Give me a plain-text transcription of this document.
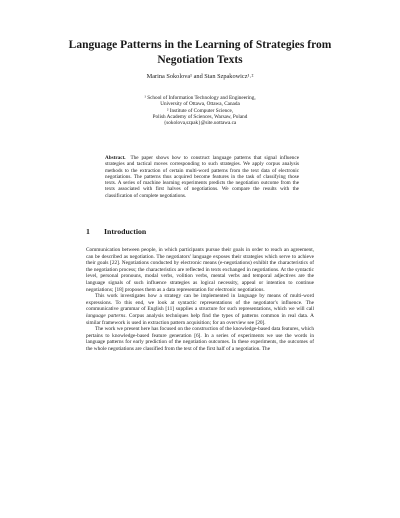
Language Patterns in the Learning of Strategies from Negotiation Texts
Marina Sokolova¹ and Stan Szpakowicz¹˒²
¹ School of Information Technology and Engineering,
University of Ottawa, Ottawa, Canada
² Institute of Computer Science,
Polish Academy of Sciences, Warsaw, Poland
{sokolova,szpak}@site.uottawa.ca
Abstract. The paper shows how to construct language patterns that signal influence strategies and tactical moves corresponding to such strategies. We apply corpus analysis methods to the extraction of certain multi-word patterns from the text data of electronic negotiations. The patterns thus acquired become features in the task of classifying those texts. A series of machine learning experiments predicts the negotiation outcome from the texts associated with first halves of negotiations. We compare the results with the classification of complete negotiations.
1 Introduction

Communication between people, in which participants pursue their goals in order to reach an agreement, can be described as negotiation. The negotiators' language exposes their strategies which serve to achieve their goals [22]. Negotiations conducted by electronic means (e-negotiations) exhibit the characteristics of the negotiation process; the characteristics are reflected in texts exchanged in negotiations. At the syntactic level, personal pronouns, modal verbs, volition verbs, mental verbs and temporal adjectives are the language signals of such influence strategies as logical necessity, appeal or intention to continue negotiations; [18] proposes them as a data representation for electronic negotiations.

This work investigates how a strategy can be implemented in language by means of multi-word expressions. To this end, we look at syntactic representations of the negotiator's influence. The communicative grammar of English [11] supplies a structure for such representations, which we will call language patterns. Corpus analysis techniques help find the types of patterns common in real data. A similar framework is used in extraction pattern acquisition; for an overview see [20].

The work we present here has focused on the construction of the knowledge-based data features, which pertains to knowledge-based feature generation [6]. In a series of experiments we use the words in language patterns for early prediction of the negotiation outcomes. In these experiments, the outcomes of the whole negotiations are classified from the text of the first half of a negotiation. The
